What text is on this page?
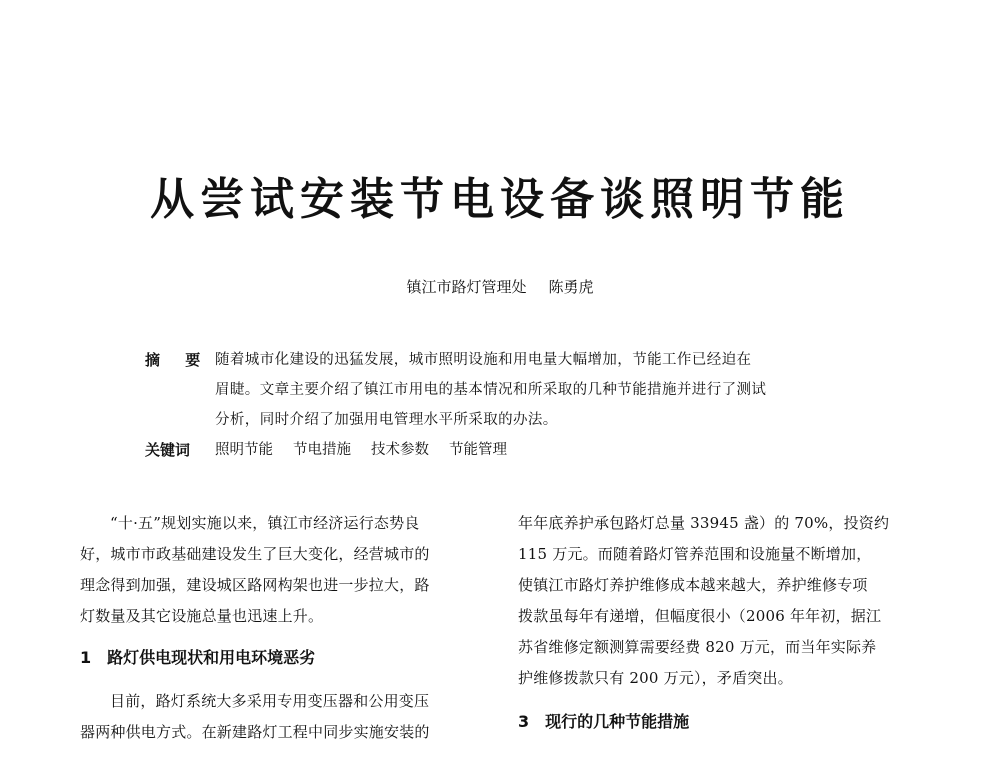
从尝试安装节电设备谈照明节能
镇江市路灯管理处 陈勇虎
摘 要 随着城市化建设的迅猛发展，城市照明设施和用电量大幅增加，节能工作已经迫在
眉睫。文章主要介绍了镇江市用电的基本情况和所采取的几种节能措施并进行了测试
分析，同时介绍了加强用电管理水平所采取的办法。
关键词	照明节能 节电措施 技术参数 节能管理
“十·五”规划实施以来，镇江市经济运行态势良
好，城市市政基础建设发生了巨大变化，经营城市的
理念得到加强，建设城区路网构架也进一步拉大，路
灯数量及其它设施总量也迅速上升。
1 路灯供电现状和用电环境恶劣
目前，路灯系统大多采用专用变压器和公用变压
器两种供电方式。在新建路灯工程中同步实施安装的
年年底养护承包路灯总量 33945 盏）的 70%，投资约
115 万元。而随着路灯管养范围和设施量不断增加，
使镇江市路灯养护维修成本越来越大，养护维修专项
拨款虽每年有递增，但幅度很小（2006 年年初，据江
苏省维修定额测算需要经费 820 万元，而当年实际养
护维修拨款只有 200 万元），矛盾突出。
3 现行的几种节能措施
